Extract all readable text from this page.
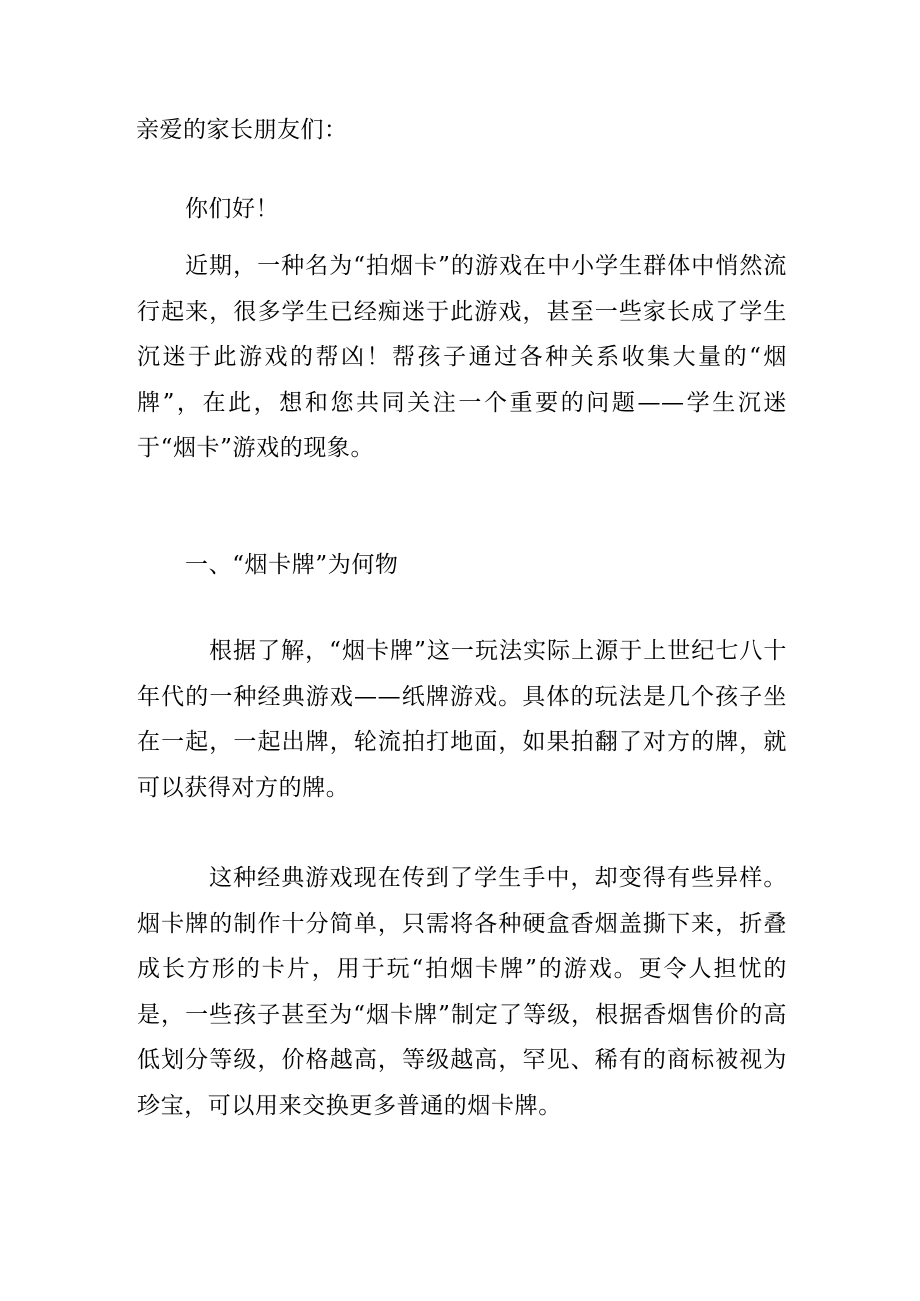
亲爱的家长朋友们：
你们好！
近期，一种名为“拍烟卡”的游戏在中小学生群体中悄然流行起来，很多学生已经痴迷于此游戏，甚至一些家长成了学生沉迷于此游戏的帮凶！帮孩子通过各种关系收集大量的“烟牌”，在此，想和您共同关注一个重要的问题——学生沉迷于“烟卡”游戏的现象。
一、“烟卡牌”为何物
根据了解，“烟卡牌”这一玩法实际上源于上世纪七八十年代的一种经典游戏——纸牌游戏。具体的玩法是几个孩子坐在一起，一起出牌，轮流拍打地面，如果拍翻了对方的牌，就可以获得对方的牌。
这种经典游戏现在传到了学生手中，却变得有些异样。烟卡牌的制作十分简单，只需将各种硬盒香烟盖撕下来，折叠成长方形的卡片，用于玩“拍烟卡牌”的游戏。更令人担忧的是，一些孩子甚至为“烟卡牌”制定了等级，根据香烟售价的高低划分等级，价格越高，等级越高，罕见、稀有的商标被视为珍宝，可以用来交换更多普通的烟卡牌。
